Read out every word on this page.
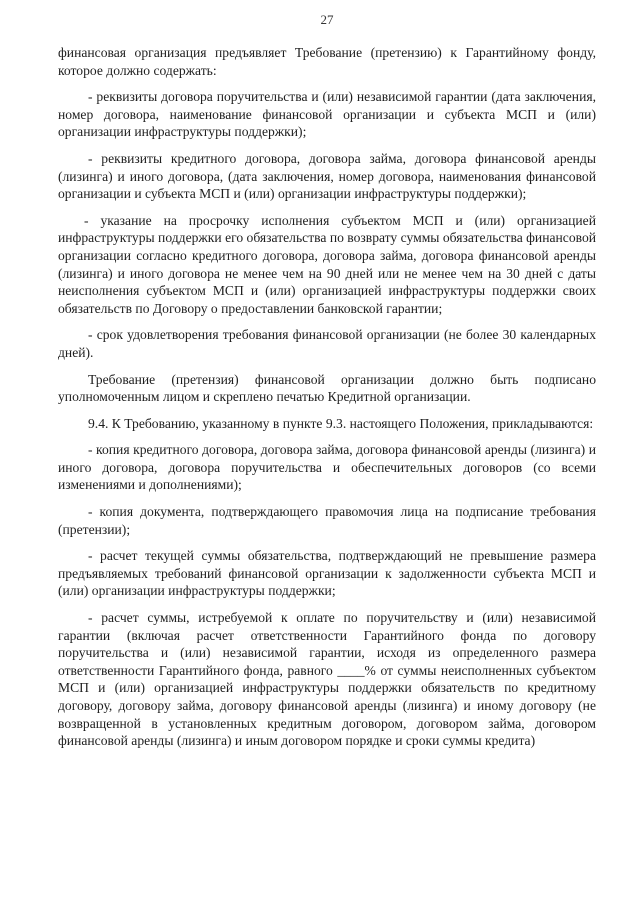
27

финансовая организация предъявляет Требование (претензию) к Гарантийному фонду, которое должно содержать:

- реквизиты договора поручительства и (или) независимой гарантии (дата заключения, номер договора, наименование финансовой организации и субъекта МСП и (или) организации инфраструктуры поддержки);

- реквизиты кредитного договора, договора займа, договора финансовой аренды (лизинга) и иного договора, (дата заключения, номер договора, наименования финансовой организации и субъекта МСП и (или) организации инфраструктуры поддержки);

- указание на просрочку исполнения субъектом МСП и (или) организацией инфраструктуры поддержки его обязательства по возврату суммы обязательства финансовой организации согласно кредитного договора, договора займа, договора финансовой аренды (лизинга) и иного договора не менее чем на 90 дней или не менее чем на 30 дней с даты неисполнения субъектом МСП и (или) организацией инфраструктуры поддержки своих обязательств по Договору о предоставлении банковской гарантии;

- срок удовлетворения требования финансовой организации (не более 30 календарных дней).

Требование (претензия) финансовой организации должно быть подписано уполномоченным лицом и скреплено печатью Кредитной организации.

9.4. К Требованию, указанному в пункте 9.3. настоящего Положения, прикладываются:

- копия кредитного договора, договора займа, договора финансовой аренды (лизинга) и иного договора, договора поручительства и обеспечительных договоров (со всеми изменениями и дополнениями);

- копия документа, подтверждающего правомочия лица на подписание требования (претензии);

- расчет текущей суммы обязательства, подтверждающий не превышение размера предъявляемых требований финансовой организации к задолженности субъекта МСП и (или) организации инфраструктуры поддержки;

- расчет суммы, истребуемой к оплате по поручительству и (или) независимой гарантии (включая расчет ответственности Гарантийного фонда по договору поручительства и (или) независимой гарантии, исходя из определенного размера ответственности Гарантийного фонда, равного ____% от суммы неисполненных субъектом МСП и (или) организацией инфраструктуры поддержки обязательств по кредитному договору, договору займа, договору финансовой аренды (лизинга) и иному договору (не возвращенной в установленных кредитным договором, договором займа, договором финансовой аренды (лизинга) и иным договором порядке и сроки суммы кредита)
